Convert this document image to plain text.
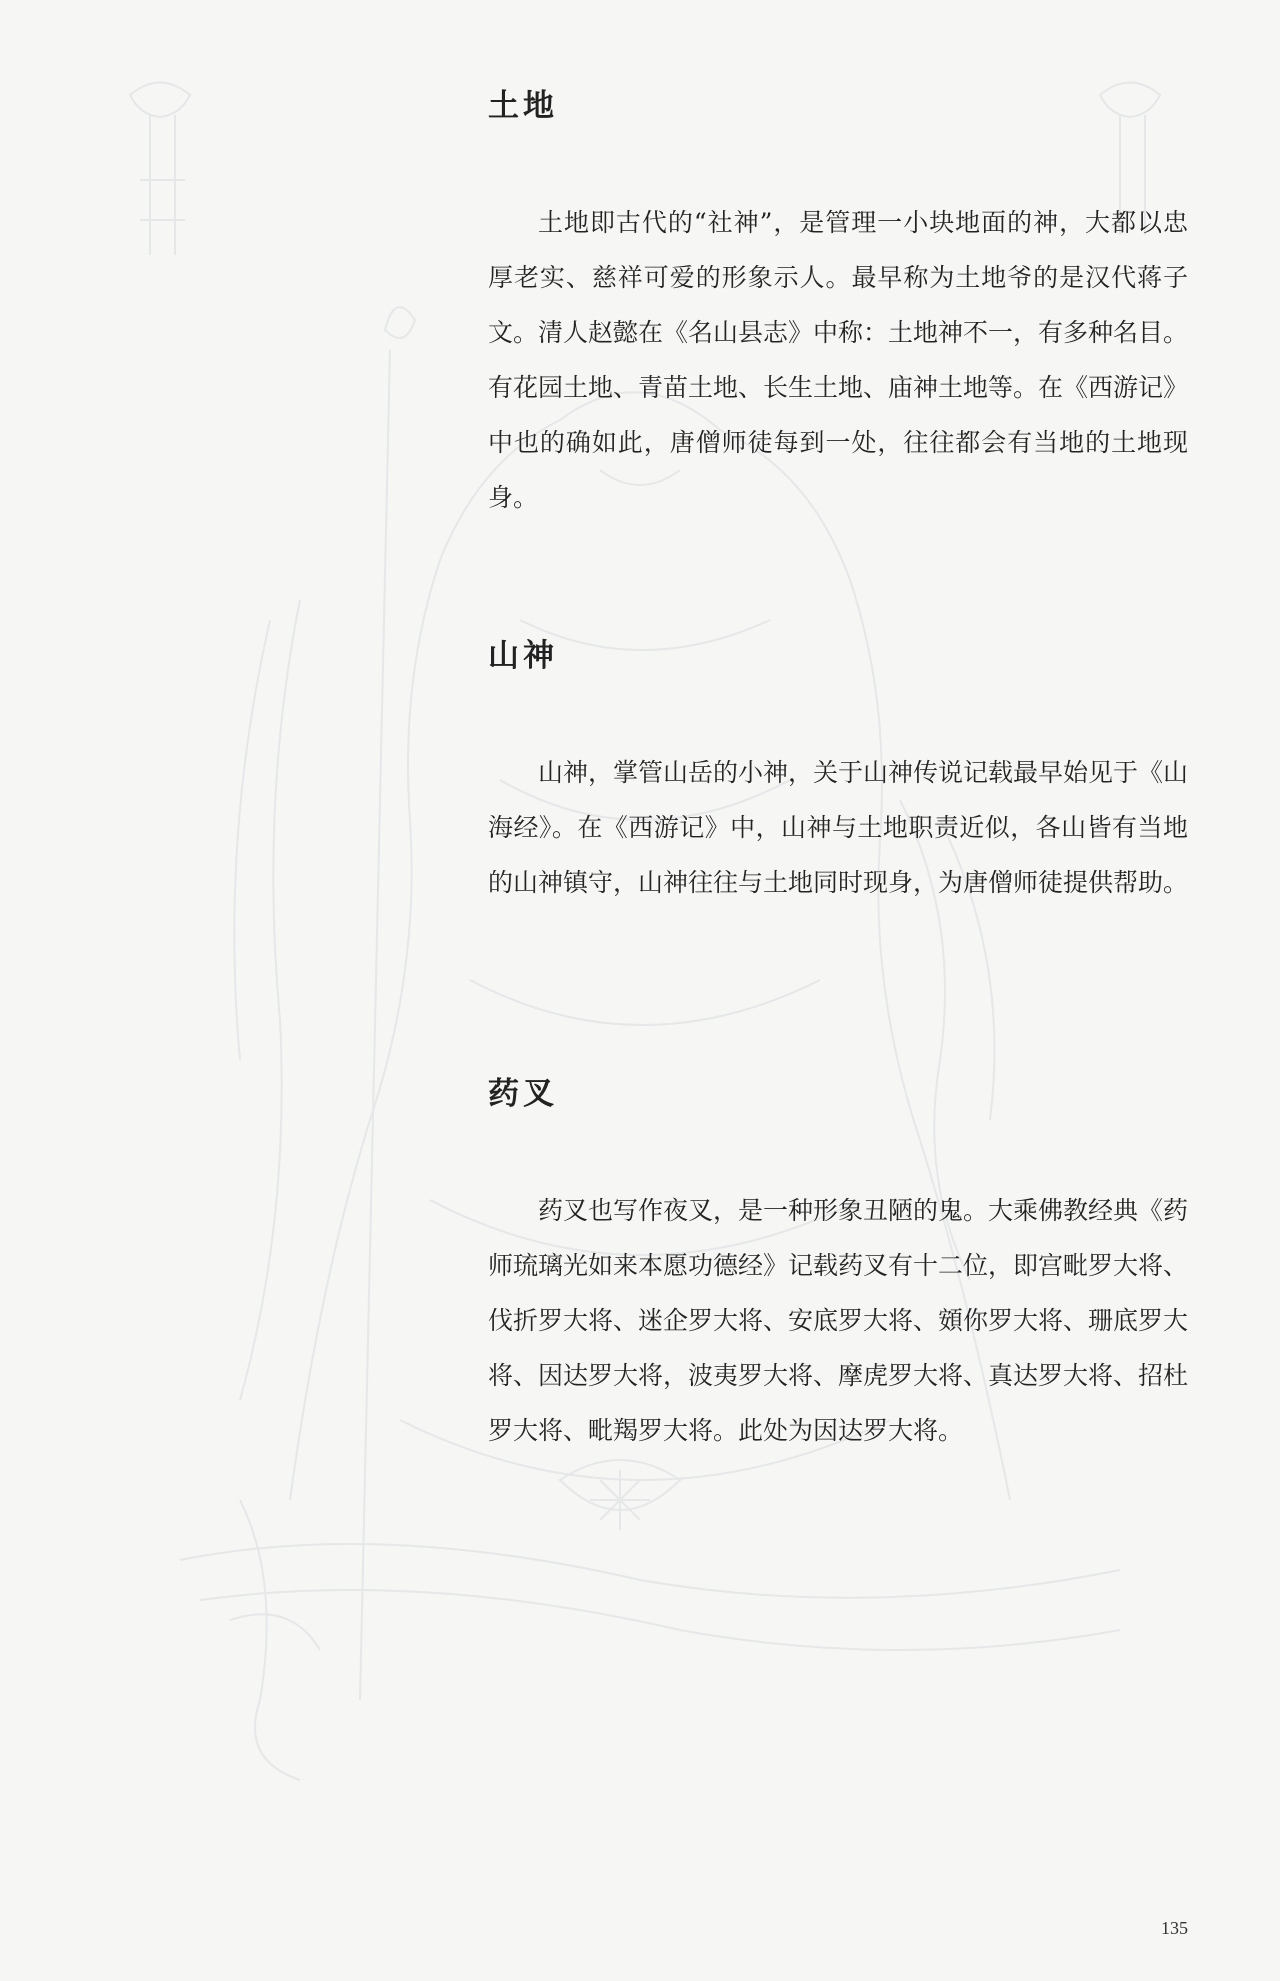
土地

土地即古代的“社神”，是管理一小块地面的神，大都以忠厚老实、慈祥可爱的形象示人。最早称为土地爷的是汉代蒋子文。清人赵懿在《名山县志》中称：土地神不一，有多种名目。有花园土地、青苗土地、长生土地、庙神土地等。在《西游记》中也的确如此，唐僧师徒每到一处，往往都会有当地的土地现身。

山神

山神，掌管山岳的小神，关于山神传说记载最早始见于《山海经》。在《西游记》中，山神与土地职责近似，各山皆有当地的山神镇守，山神往往与土地同时现身，为唐僧师徒提供帮助。

药叉

药叉也写作夜叉，是一种形象丑陋的鬼。大乘佛教经典《药师琉璃光如来本愿功德经》记载药叉有十二位，即宫毗罗大将、伐折罗大将、迷企罗大将、安底罗大将、頞你罗大将、珊底罗大将、因达罗大将，波夷罗大将、摩虎罗大将、真达罗大将、招杜罗大将、毗羯罗大将。此处为因达罗大将。

135
